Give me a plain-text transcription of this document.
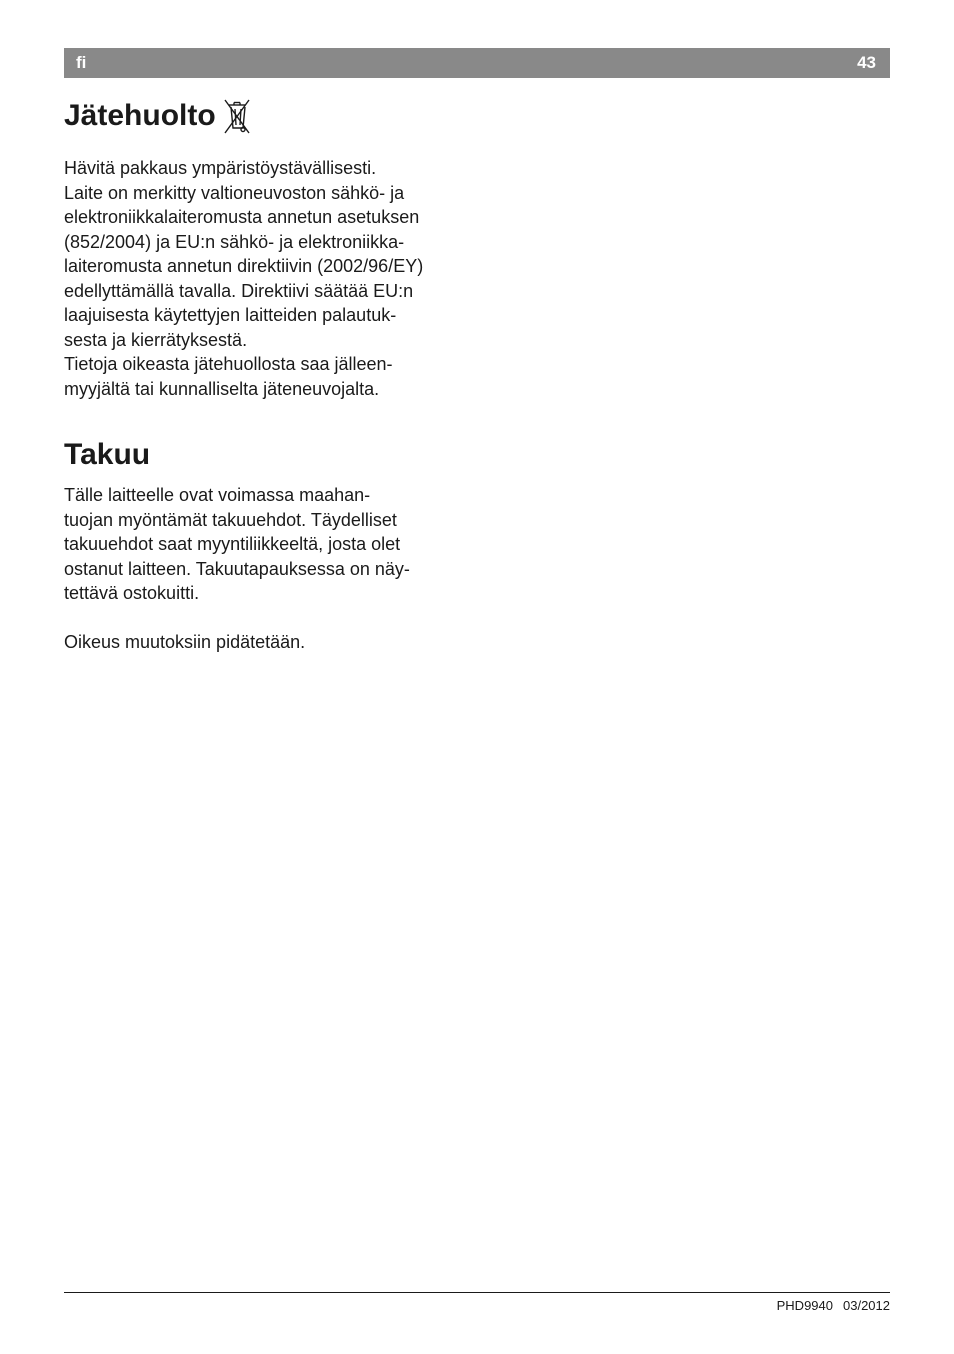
fi	43
Jätehuolto

Hävitä pakkaus ympäristöystävällisesti.
Laite on merkitty valtioneuvoston sähkö- ja
elektroniikkalaiteromusta annetun asetuksen
(852/2004) ja EU:n sähkö- ja elektroniikka-
laiteromusta annetun direktiivin (2002/96/EY)
edellyttämällä tavalla. Direktiivi säätää EU:n
laajuisesta käytettyjen laitteiden palautuk-
sesta ja kierrätyksestä.
Tietoja oikeasta jätehuollosta saa jälleen-
myyjältä tai kunnalliselta jäteneuvojalta.

Takuu

Tälle laitteelle ovat voimassa maahan-
tuojan myöntämät takuuehdot. Täydelliset
takuuehdot saat myyntiliikkeeltä, josta olet
ostanut laitteen. Takuutapauksessa on näy-
tettävä ostokuitti.

Oikeus muutoksiin pidätetään.

PHD9940 03/2012
